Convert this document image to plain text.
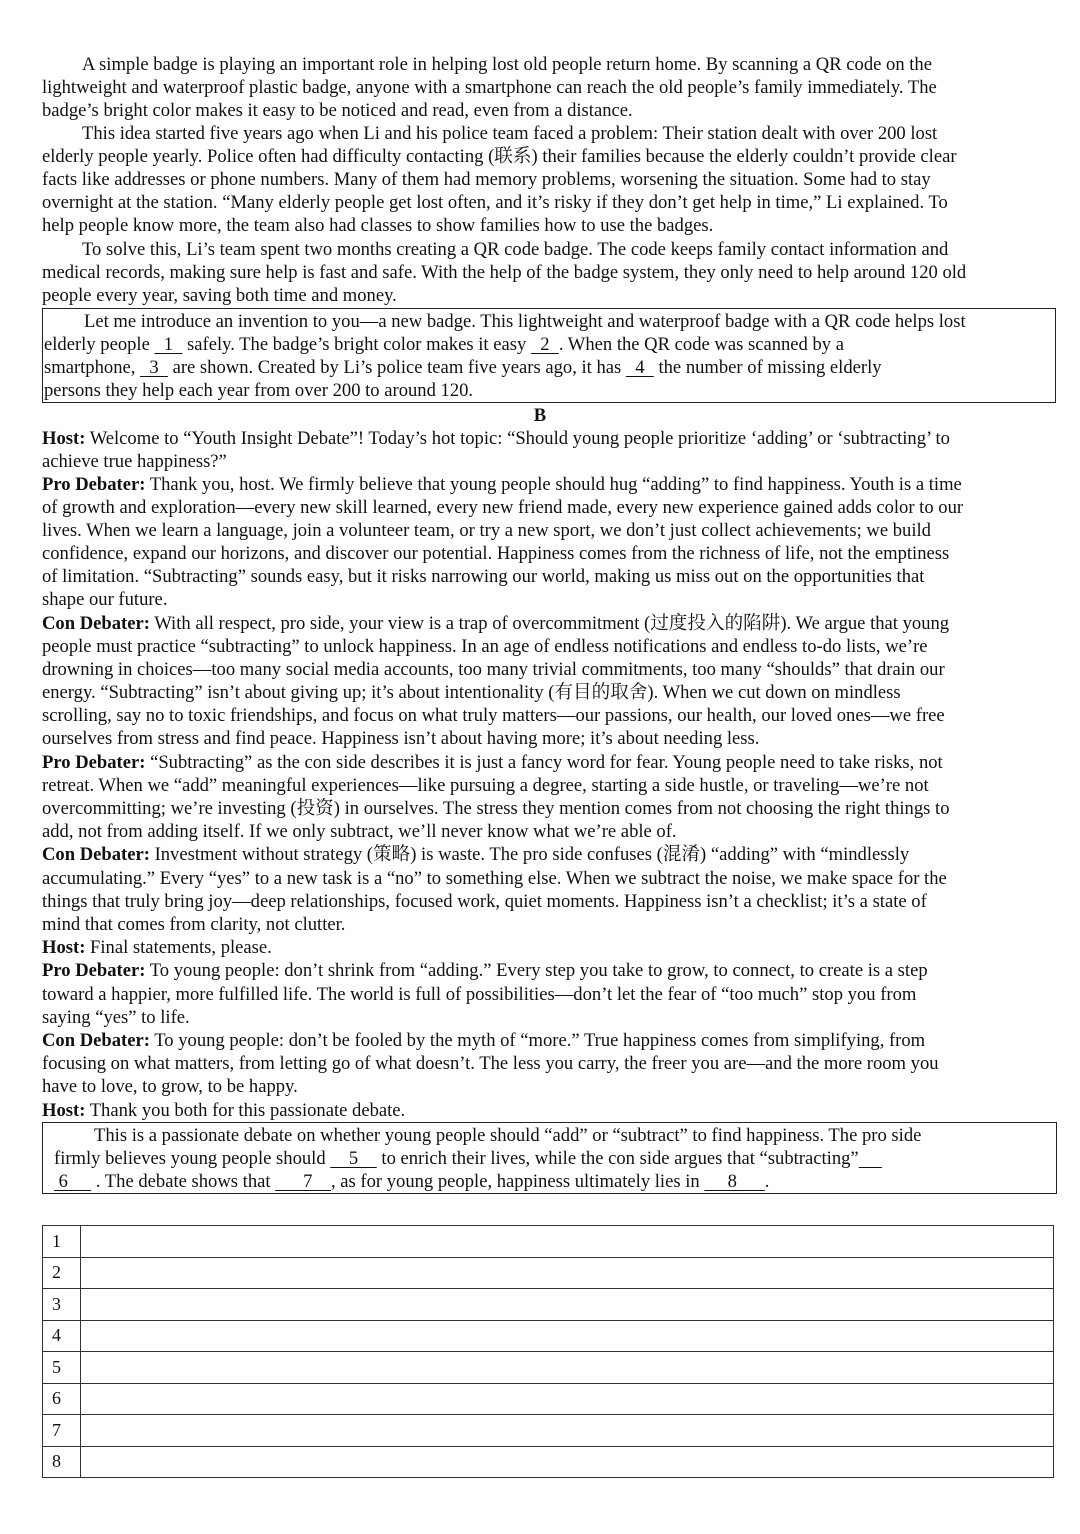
A simple badge is playing an important role in helping lost old people return home. By scanning a QR code on the
lightweight and waterproof plastic badge, anyone with a smartphone can reach the old people’s family immediately. The
badge’s bright color makes it easy to be noticed and read, even from a distance.
This idea started five years ago when Li and his police team faced a problem: Their station dealt with over 200 lost
elderly people yearly. Police often had difficulty contacting (联系) their families because the elderly couldn’t provide clear
facts like addresses or phone numbers. Many of them had memory problems, worsening the situation. Some had to stay
overnight at the station. “Many elderly people get lost often, and it’s risky if they don’t get help in time,” Li explained. To
help people know more, the team also had classes to show families how to use the badges.
To solve this, Li’s team spent two months creating a QR code badge. The code keeps family contact information and
medical records, making sure help is fast and safe. With the help of the badge system, they only need to help around 120 old
people every year, saving both time and money.
Let me introduce an invention to you—a new badge. This lightweight and waterproof badge with a QR code helps lost
elderly people   1   safely. The badge’s bright color makes it easy   2  . When the QR code was scanned by a
smartphone,   3   are shown. Created by Li’s police team five years ago, it has   4   the number of missing elderly
persons they help each year from over 200 to around 120.
B
Host: Welcome to “Youth Insight Debate”! Today’s hot topic: “Should young people prioritize ‘adding’ or ‘subtracting’ to
achieve true happiness?”
Pro Debater: Thank you, host. We firmly believe that young people should hug “adding” to find happiness. Youth is a time
of growth and exploration—every new skill learned, every new friend made, every new experience gained adds color to our
lives. When we learn a language, join a volunteer team, or try a new sport, we don’t just collect achievements; we build
confidence, expand our horizons, and discover our potential. Happiness comes from the richness of life, not the emptiness
of limitation. “Subtracting” sounds easy, but it risks narrowing our world, making us miss out on the opportunities that
shape our future.
Con Debater: With all respect, pro side, your view is a trap of overcommitment (过度投入的陷阱). We argue that young
people must practice “subtracting” to unlock happiness. In an age of endless notifications and endless to-do lists, we’re
drowning in choices—too many social media accounts, too many trivial commitments, too many “shoulds” that drain our
energy. “Subtracting” isn’t about giving up; it’s about intentionality (有目的取舍). When we cut down on mindless
scrolling, say no to toxic friendships, and focus on what truly matters—our passions, our health, our loved ones—we free
ourselves from stress and find peace. Happiness isn’t about having more; it’s about needing less.
Pro Debater: “Subtracting” as the con side describes it is just a fancy word for fear. Young people need to take risks, not
retreat. When we “add” meaningful experiences—like pursuing a degree, starting a side hustle, or traveling—we’re not
overcommitting; we’re investing (投资) in ourselves. The stress they mention comes from not choosing the right things to
add, not from adding itself. If we only subtract, we’ll never know what we’re able of.
Con Debater: Investment without strategy (策略) is waste. The pro side confuses (混淆) “adding” with “mindlessly
accumulating.” Every “yes” to a new task is a “no” to something else. When we subtract the noise, we make space for the
things that truly bring joy—deep relationships, focused work, quiet moments. Happiness isn’t a checklist; it’s a state of
mind that comes from clarity, not clutter.
Host: Final statements, please.
Pro Debater: To young people: don’t shrink from “adding.” Every step you take to grow, to connect, to create is a step
toward a happier, more fulfilled life. The world is full of possibilities—don’t let the fear of “too much” stop you from
saying “yes” to life.
Con Debater: To young people: don’t be fooled by the myth of “more.” True happiness comes from simplifying, from
focusing on what matters, from letting go of what doesn’t. The less you carry, the freer you are—and the more room you
have to love, to grow, to be happy.
Host: Thank you both for this passionate debate.
This is a passionate debate on whether young people should “add” or “subtract” to find happiness. The pro side
firmly believes young people should     5     to enrich their lives, while the con side argues that “subtracting”
6      . The debate shows that       7    , as for young people, happiness ultimately lies in      8      .
1	
2	
3	
4	
5	
6	
7	
8	
